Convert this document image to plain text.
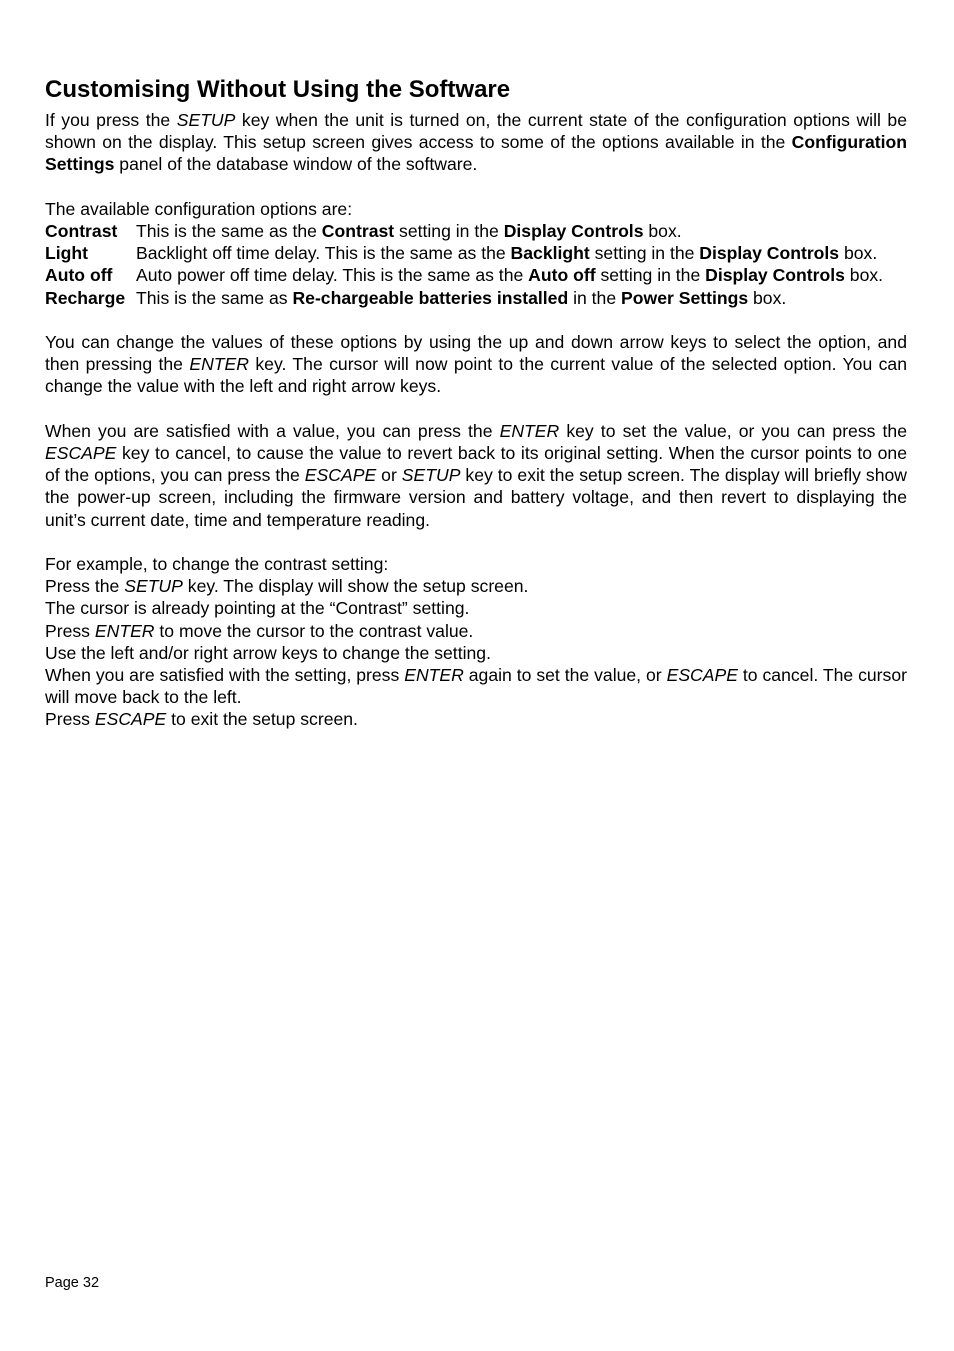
Customising Without Using the Software

If you press the SETUP key when the unit is turned on, the current state of the configuration options will be shown on the display. This setup screen gives access to some of the options available in the Configuration Settings panel of the database window of the software.

The available configuration options are:

Contrast	This is the same as the Contrast setting in the Display Controls box.
Light	Backlight off time delay. This is the same as the Backlight setting in the Display Controls box.
Auto off	Auto power off time delay. This is the same as the Auto off setting in the Display Controls box.
Recharge This is the same as Re-chargeable batteries installed in the Power Settings box.

You can change the values of these options by using the up and down arrow keys to select the option, and then pressing the ENTER key. The cursor will now point to the current value of the selected option. You can change the value with the left and right arrow keys.

When you are satisfied with a value, you can press the ENTER key to set the value, or you can press the ESCAPE key to cancel, to cause the value to revert back to its original setting. When the cursor points to one of the options, you can press the ESCAPE or SETUP key to exit the setup screen. The display will briefly show the power-up screen, including the firmware version and battery voltage, and then revert to displaying the unit’s current date, time and temperature reading.

For example, to change the contrast setting:

Press the SETUP key. The display will show the setup screen.

The cursor is already pointing at the “Contrast” setting.

Press ENTER to move the cursor to the contrast value.

Use the left and/or right arrow keys to change the setting.

When you are satisfied with the setting, press ENTER again to set the value, or ESCAPE to cancel. The cursor will move back to the left.

Press ESCAPE to exit the setup screen.

Page 32
